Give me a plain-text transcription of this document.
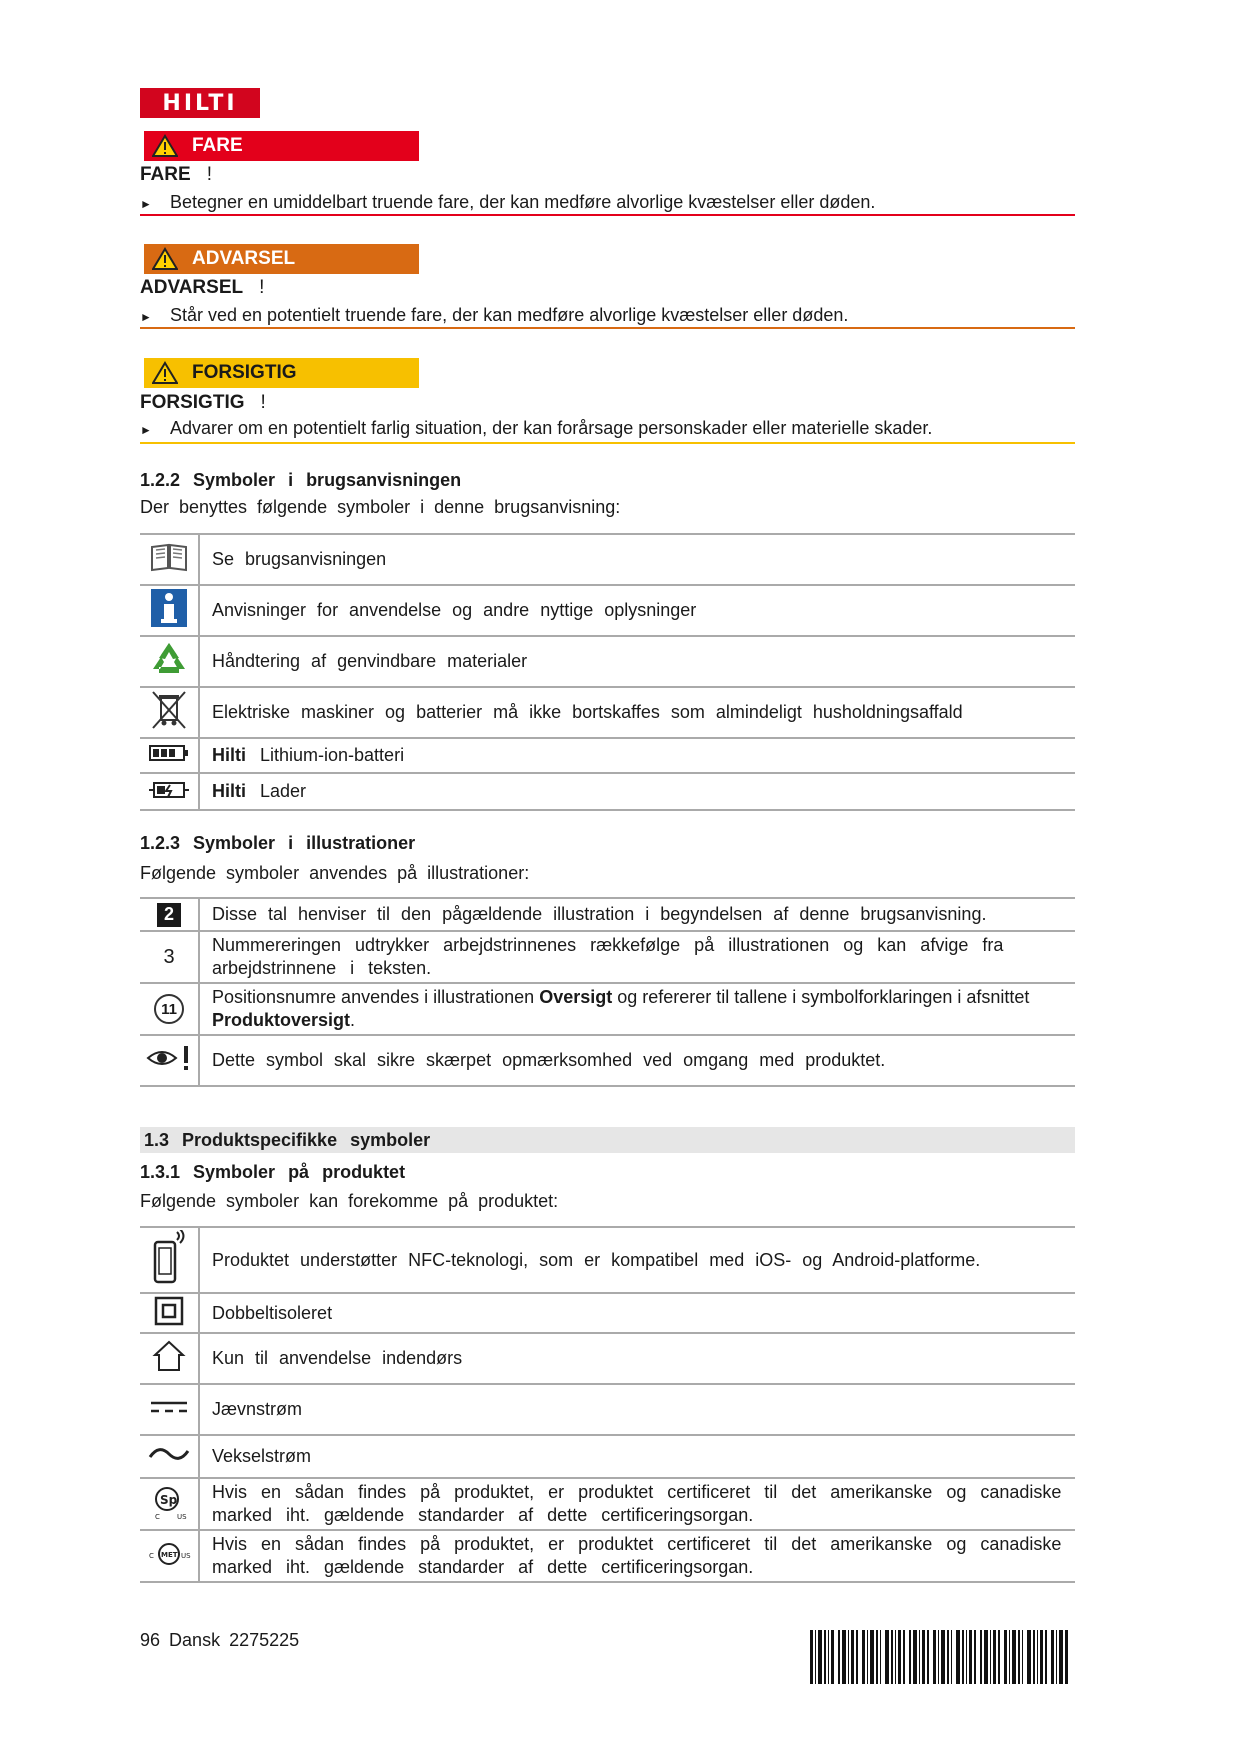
HILTI
FARE
FARE !
► Betegner en umiddelbart truende fare, der kan medføre alvorlige kvæstelser eller døden.
ADVARSEL
ADVARSEL !
► Står ved en potentielt truende fare, der kan medføre alvorlige kvæstelser eller døden.
FORSIGTIG
FORSIGTIG !
► Advarer om en potentielt farlig situation, der kan forårsage personskader eller materielle skader.
1.2.2 Symboler i brugsanvisningen
Der benyttes følgende symboler i denne brugsanvisning:
	Se brugsanvisningen

	Anvisninger for anvendelse og andre nyttige oplysninger

	Håndtering af genvindbare materialer

	Elektriske maskiner og batterier må ikke bortskaffes som almindeligt husholdningsaffald

	Hilti Lithium-ion-batteri

	Hilti Lader
1.2.3 Symboler i illustrationer
Følgende symboler anvendes på illustrationer:
2	Disse tal henviser til den pågældende illustration i begyndelsen af denne brugsanvisning.
3	Nummereringen udtrykker arbejdstrinnenes rækkefølge på illustrationen og kan afvige fra arbejdstrinnene i teksten.
11	Positionsnumre anvendes i illustrationen Oversigt og refererer til tallene i symbolforklaringen i afsnittet Produktoversigt.

	Dette symbol skal sikre skærpet opmærksomhed ved omgang med produktet.
1.3 Produktspecifikke symboler
1.3.1 Symboler på produktet
Følgende symboler kan forekomme på produktet:
	Produktet understøtter NFC-teknologi, som er kompatibel med iOS- og Android-platforme.

	Dobbeltisoleret

	Kun til anvendelse indendørs

	Jævnstrøm

	Vekselstrøm

Sp
C US	Hvis en sådan findes på produktet, er produktet certificeret til det amerikanske og canadiske marked iht. gældende standarder af dette certificeringsorgan.

MET
C US	Hvis en sådan findes på produktet, er produktet certificeret til det amerikanske og canadiske marked iht. gældende standarder af dette certificeringsorgan.
96 Dansk 2275225
